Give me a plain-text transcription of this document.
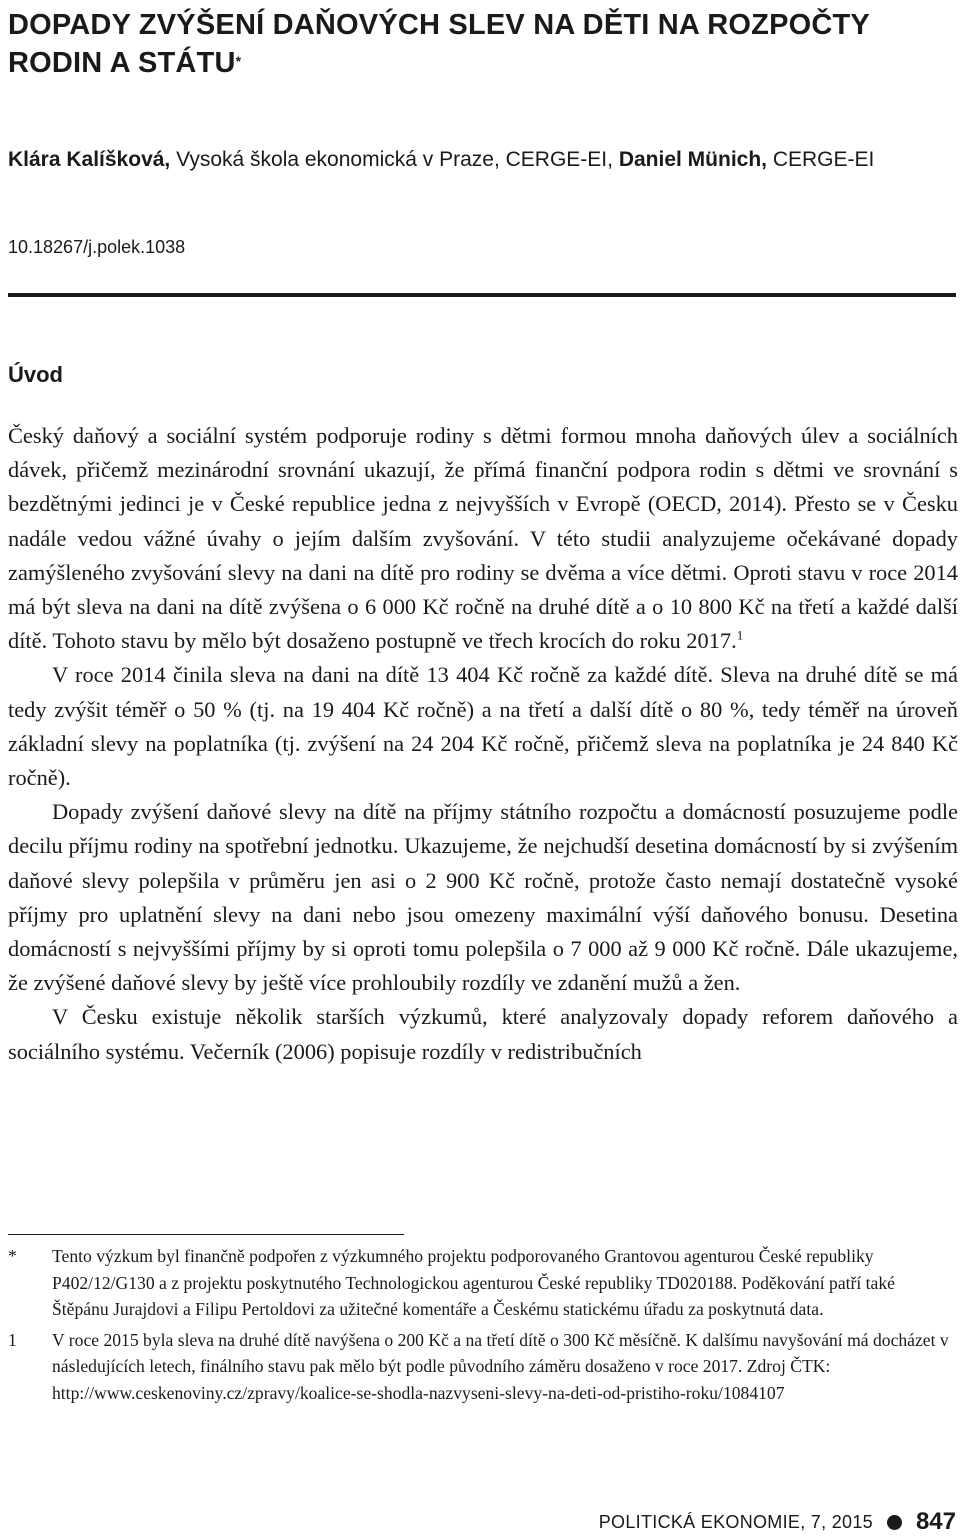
DOPADY ZVÝŠENÍ DAŇOVÝCH SLEV NA DĚTI NA ROZPOČTY RODIN A STÁTU*

Klára Kalíšková, Vysoká škola ekonomická v Praze, CERGE-EI, Daniel Münich, CERGE-EI

10.18267/j.polek.1038

Úvod

Český daňový a sociální systém podporuje rodiny s dětmi formou mnoha daňových úlev a sociálních dávek, přičemž mezinárodní srovnání ukazují, že přímá finanční podpora rodin s dětmi ve srovnání s bezdětnými jedinci je v České republice jedna z nejvyšších v Evropě (OECD, 2014). Přesto se v Česku nadále vedou vážné úvahy o jejím dalším zvyšování. V této studii analyzujeme očekávané dopady zamýšleného zvyšování slevy na dani na dítě pro rodiny se dvěma a více dětmi. Oproti stavu v roce 2014 má být sleva na dani na dítě zvýšena o 6 000 Kč ročně na druhé dítě a o 10 800 Kč na třetí a každé další dítě. Tohoto stavu by mělo být dosaženo postupně ve třech krocích do roku 2017.$^1$

V roce 2014 činila sleva na dani na dítě 13 404 Kč ročně za každé dítě. Sleva na druhé dítě se má tedy zvýšit téměř o 50 % (tj. na 19 404 Kč ročně) a na třetí a další dítě o 80 %, tedy téměř na úroveň základní slevy na poplatníka (tj. zvýšení na 24 204 Kč ročně, přičemž sleva na poplatníka je 24 840 Kč ročně).

Dopady zvýšení daňové slevy na dítě na příjmy státního rozpočtu a domácností posuzujeme podle decilu příjmu rodiny na spotřební jednotku. Ukazujeme, že nejchudší desetina domácností by si zvýšením daňové slevy polepšila v průměru jen asi o 2 900 Kč ročně, protože často nemají dostatečně vysoké příjmy pro uplatnění slevy na dani nebo jsou omezeny maximální výší daňového bonusu. Desetina domácností s nejvyššími příjmy by si oproti tomu polepšila o 7 000 až 9 000 Kč ročně. Dále ukazujeme, že zvýšené daňové slevy by ještě více prohloubily rozdíly ve zdanění mužů a žen.

V Česku existuje několik starších výzkumů, které analyzovaly dopady reforem daňového a sociálního systému. Večerník (2006) popisuje rozdíly v redistribučních

* Tento výzkum byl finančně podpořen z výzkumného projektu podporovaného Grantovou agenturou České republiky P402/12/G130 a z projektu poskytnutého Technologickou agenturou České republiky TD020188. Poděkování patří také Štěpánu Jurajdovi a Filipu Pertoldovi za užitečné komentáře a Českému statickému úřadu za poskytnutá data.
1 V roce 2015 byla sleva na druhé dítě navýšena o 200 Kč a na třetí dítě o 300 Kč měsíčně. K dalšímu navyšování má docházet v následujících letech, finálního stavu pak mělo být podle původního záměru dosaženo v roce 2017. Zdroj ČTK: http://www.ceskenoviny.cz/zpravy/koalice-se-shodla-nazvyseni-slevy-na-deti-od-pristiho-roku/1084107
POLITICKÁ EKONOMIE, 7, 2015 847
